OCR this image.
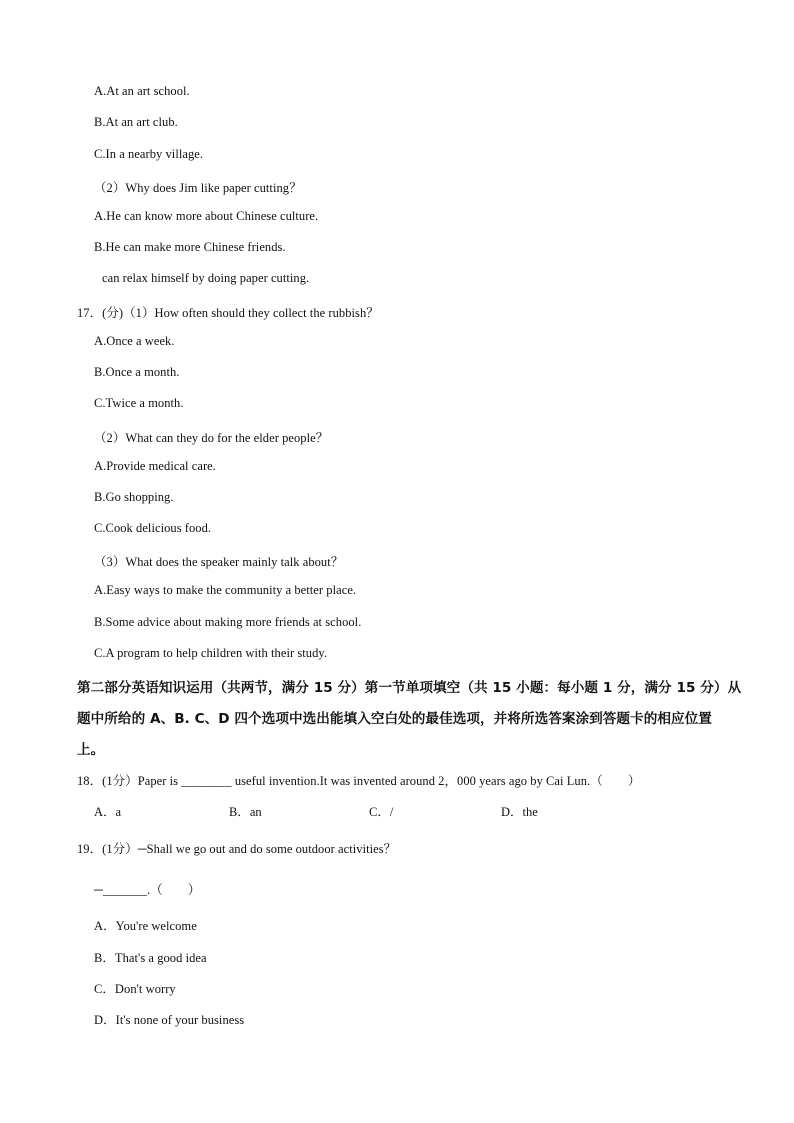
A.At an art school.
B.At an art club.
C.In a nearby village.
（2）Why does Jim like paper cutting？
A.He can know more about Chinese culture.
B.He can make more Chinese friends.
can relax himself by doing paper cutting.
17．(分)（1）How often should they collect the rubbish？
A.Once a week.
B.Once a month.
C.Twice a month.
（2）What can they do for the elder people？
A.Provide medical care.
B.Go shopping.
C.Cook delicious food.
（3）What does the speaker mainly talk about？
A.Easy ways to make the community a better place.
B.Some advice about making more friends at school.
C.A program to help children with their study.
第二部分英语知识运用（共两节，满分 15 分）第一节单项填空（共 15 小题：每小题 1 分，满分 15 分）从
题中所给的 A、B. C、D 四个选项中选出能填入空白处的最佳选项，并将所选答案涂到答题卡的相应位置
上。
18．(1分）Paper is ________ useful invention.It was invented around 2，000 years ago by Cai Lun.（　　）
A．a	B．an	C．/	D．the
19．(1分）─Shall we go out and do some outdoor activities？
─_______.（　　）
A．You're welcome
B．That's a good idea
C．Don't worry
D．It's none of your business
